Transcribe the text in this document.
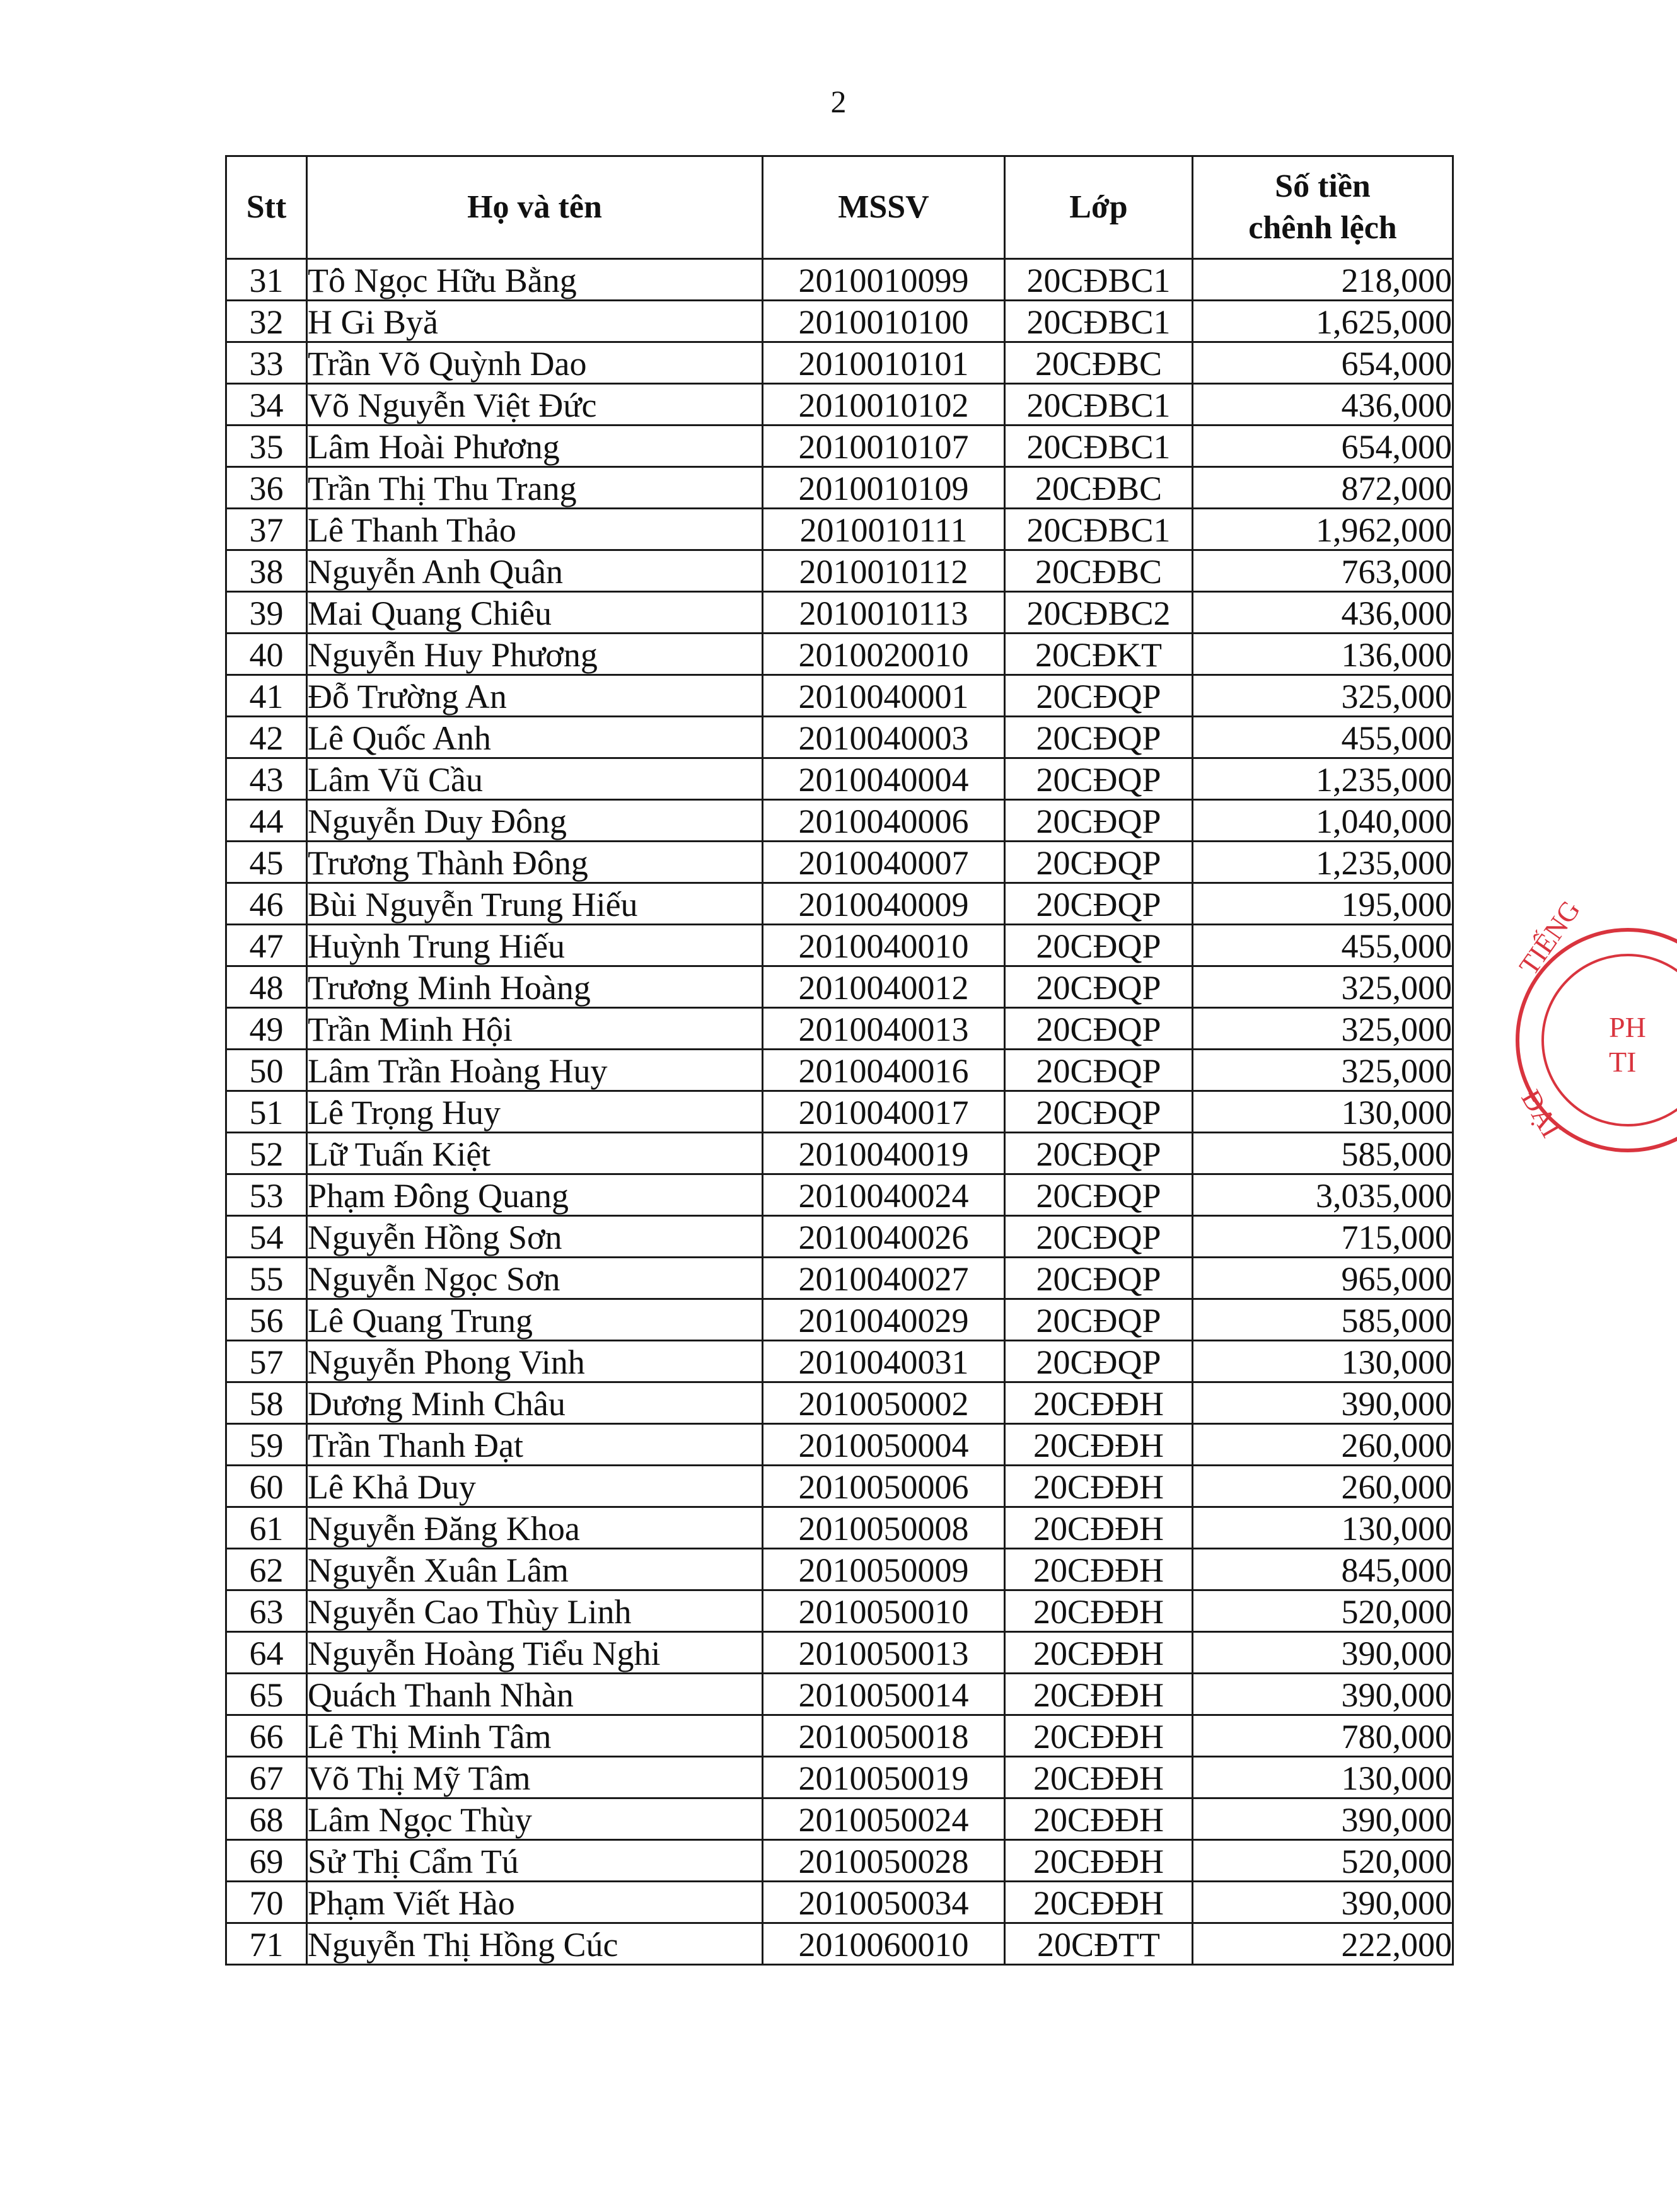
2
Stt	Họ và tên	MSSV	Lớp	Số tiền
chênh lệch
31	Tô Ngọc Hữu Bằng	2010010099	20CĐBC1	218,000
32	H Gi Byă	2010010100	20CĐBC1	1,625,000
33	Trần Võ Quỳnh Dao	2010010101	20CĐBC	654,000
34	Võ Nguyễn Việt Đức	2010010102	20CĐBC1	436,000
35	Lâm Hoài Phương	2010010107	20CĐBC1	654,000
36	Trần Thị Thu Trang	2010010109	20CĐBC	872,000
37	Lê Thanh Thảo	2010010111	20CĐBC1	1,962,000
38	Nguyễn Anh Quân	2010010112	20CĐBC	763,000
39	Mai Quang Chiêu	2010010113	20CĐBC2	436,000
40	Nguyễn Huy Phương	2010020010	20CĐKT	136,000
41	Đỗ Trường An	2010040001	20CĐQP	325,000
42	Lê Quốc Anh	2010040003	20CĐQP	455,000
43	Lâm Vũ Cầu	2010040004	20CĐQP	1,235,000
44	Nguyễn Duy Đông	2010040006	20CĐQP	1,040,000
45	Trương Thành Đông	2010040007	20CĐQP	1,235,000
46	Bùi Nguyễn Trung Hiếu	2010040009	20CĐQP	195,000
47	Huỳnh Trung Hiếu	2010040010	20CĐQP	455,000
48	Trương Minh Hoàng	2010040012	20CĐQP	325,000
49	Trần Minh Hội	2010040013	20CĐQP	325,000
50	Lâm Trần Hoàng Huy	2010040016	20CĐQP	325,000
51	Lê Trọng Huy	2010040017	20CĐQP	130,000
52	Lữ Tuấn Kiệt	2010040019	20CĐQP	585,000
53	Phạm Đông Quang	2010040024	20CĐQP	3,035,000
54	Nguyễn Hồng Sơn	2010040026	20CĐQP	715,000
55	Nguyễn Ngọc Sơn	2010040027	20CĐQP	965,000
56	Lê Quang Trung	2010040029	20CĐQP	585,000
57	Nguyễn Phong Vinh	2010040031	20CĐQP	130,000
58	Dương Minh Châu	2010050002	20CĐĐH	390,000
59	Trần Thanh Đạt	2010050004	20CĐĐH	260,000
60	Lê Khả Duy	2010050006	20CĐĐH	260,000
61	Nguyễn Đăng Khoa	2010050008	20CĐĐH	130,000
62	Nguyễn Xuân Lâm	2010050009	20CĐĐH	845,000
63	Nguyễn Cao Thùy Linh	2010050010	20CĐĐH	520,000
64	Nguyễn Hoàng Tiểu Nghi	2010050013	20CĐĐH	390,000
65	Quách Thanh Nhàn	2010050014	20CĐĐH	390,000
66	Lê Thị Minh Tâm	2010050018	20CĐĐH	780,000
67	Võ Thị Mỹ Tâm	2010050019	20CĐĐH	130,000
68	Lâm Ngọc Thùy	2010050024	20CĐĐH	390,000
69	Sử Thị Cẩm Tú	2010050028	20CĐĐH	520,000
70	Phạm Viết Hào	2010050034	20CĐĐH	390,000
71	Nguyễn Thị Hồng Cúc	2010060010	20CĐTT	222,000
TIẾNG
PH
TI
ĐẠI
